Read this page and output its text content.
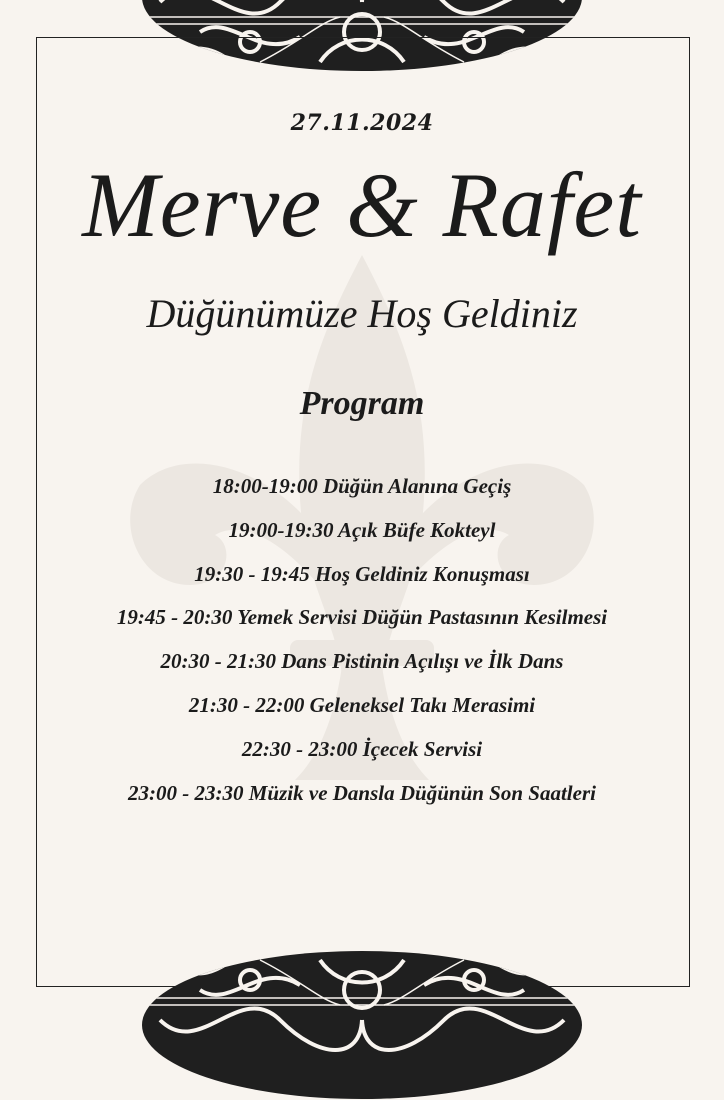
27.11.2024
Merve & Rafet
Düğünümüze Hoş Geldiniz
Program
18:00-19:00 Düğün Alanına Geçiş
19:00-19:30 Açık Büfe Kokteyl
19:30 - 19:45 Hoş Geldiniz Konuşması
19:45 - 20:30 Yemek Servisi Düğün Pastasının Kesilmesi
20:30 - 21:30 Dans Pistinin Açılışı ve İlk Dans
21:30 - 22:00 Geleneksel Takı Merasimi
22:30 - 23:00 İçecek Servisi
23:00 - 23:30 Müzik ve Dansla Düğünün Son Saatleri
